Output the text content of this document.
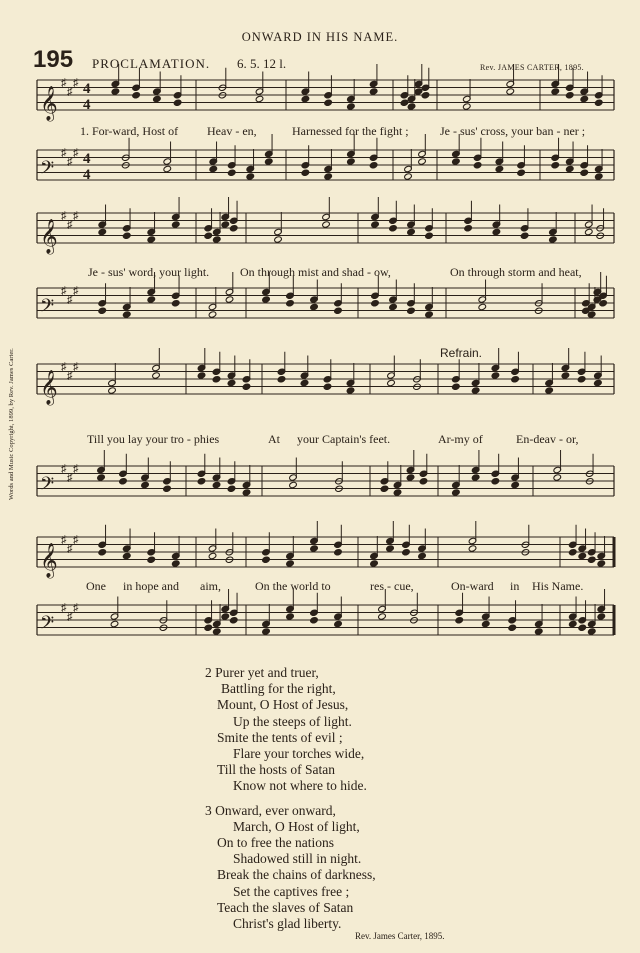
ONWARD IN HIS NAME.
195 PROCLAMATION. 6. 5. 12 l.	Rev. JAMES CARTER, 1895.
Words and Music Copyright, 1899, by Rev. James Carter.
𝄞
♯
♯
♯ 4
4
𝄢
♯
♯
♯ 4
4
𝄞
♯
♯
♯
𝄢
♯
♯
♯
𝄞
♯
♯
♯
𝄢
♯
♯
♯
𝄞
♯
♯
♯
𝄢
♯
♯
♯
1. For-ward, Host of Heav - en,	Harnessed for the fight ;	Je - sus' cross, your ban - ner ;
Je - sus' word, your light.	On through mist and shad - ow,	On through storm and heat,
Refrain.
Till you lay your tro - phies	At your Captain's feet.	Ar-my of	En-deav - or,
One in hope and aim,	On the world to	res - cue,	On-ward in His Name.
2 Purer yet and truer,
Battling for the right,
Mount, O Host of Jesus,
Up the steeps of light.
Smite the tents of evil ;
Flare your torches wide,
Till the hosts of Satan
Know not where to hide.
3 Onward, ever onward,
March, O Host of light,
On to free the nations
Shadowed still in night.
Break the chains of darkness,
Set the captives free ;
Teach the slaves of Satan
Christ's glad liberty.
Rev. James Carter, 1895.
